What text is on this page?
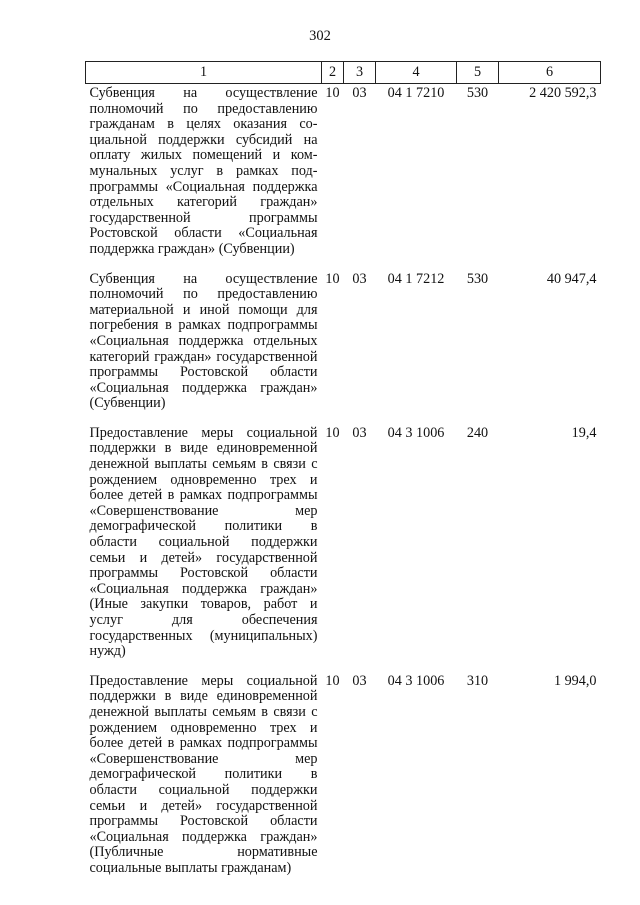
302
1	2	3	4	5	6
Субвенция на осуществление полномочий по предоставлению гражданам в целях оказания социальной поддержки субсидий на оплату жилых помещений и коммунальных услуг в рамках подпрограммы «Социальная поддержка отдельных категорий граждан» государственной программы Ростовской области «Социальная поддержка граждан» (Субвенции)	10	03	04 1 7210	530	2 420 592,3
Субвенция на осуществление полномочий по предоставлению материальной и иной помощи для погребения в рамках подпрограммы «Социальная поддержка отдельных категорий граждан» государственной программы Ростовской области «Социальная поддержка граждан» (Субвенции)	10	03	04 1 7212	530	40 947,4
Предоставление меры социальной поддержки в виде единовременной денежной выплаты семьям в связи с рождением одновременно трех и более детей в рамках подпрограммы «Совершенствование мер демографической политики в области социальной поддержки семьи и детей» государственной программы Ростовской области «Социальная поддержка граждан» (Иные закупки товаров, работ и услуг для обеспечения государственных (муниципальных) нужд)	10	03	04 3 1006	240	19,4
Предоставление меры социальной поддержки в виде единовременной денежной выплаты семьям в связи с рождением одновременно трех и более детей в рамках подпрограммы «Совершенствование мер демографической политики в области социальной поддержки семьи и детей» государственной программы Ростовской области «Социальная поддержка граждан» (Публичные нормативные социальные выплаты гражданам)	10	03	04 3 1006	310	1 994,0
